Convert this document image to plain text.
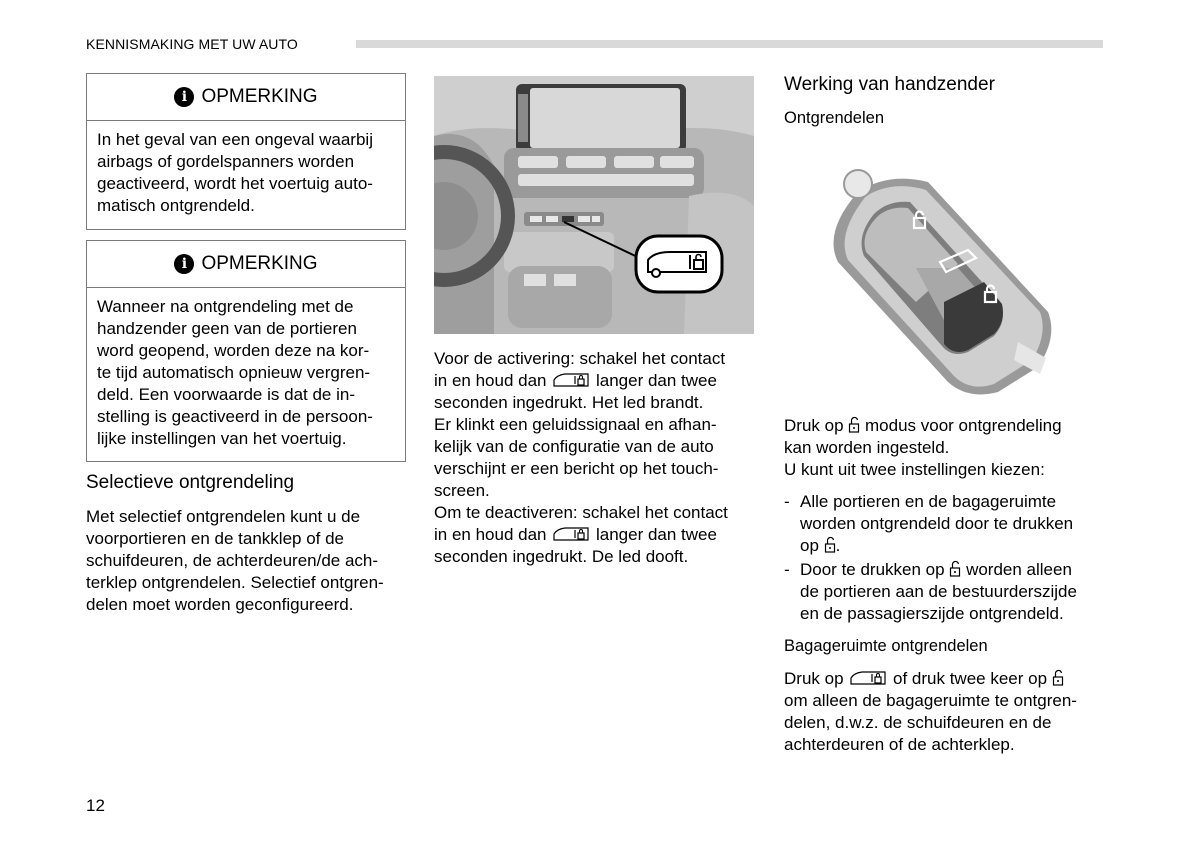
KENNISMAKING MET UW AUTO
i OPMERKING
In het geval van een ongeval waarbij
airbags of gordelspanners worden
geactiveerd, wordt het voertuig auto-
matisch ontgrendeld.
i OPMERKING
Wanneer na ontgrendeling met de
handzender geen van de portieren
word geopend, worden deze na kor-
te tijd automatisch opnieuw vergren-
deld. Een voorwaarde is dat de in-
stelling is geactiveerd in de persoon-
lijke instellingen van het voertuig.
Selectieve ontgrendeling

Met selectief ontgrendelen kunt u de

voorportieren en de tankklep of de

schuifdeuren, de achterdeuren/de ach-

terklep ontgrendelen. Selectief ontgren-

delen moet worden geconfigureerd.

Voor de activering: schakel het contact

in en houd dan	langer dan twee

seconden ingedrukt. Het led brandt.

Er klinkt een geluidssignaal en afhan-

kelijk van de configuratie van de auto

verschijnt er een bericht op het touch-

screen.

Om te deactiveren: schakel het contact

in en houd dan	langer dan twee

seconden ingedrukt. De led dooft.

Werking van handzender
Ontgrendelen

Druk op modus voor ontgrendeling

kan worden ingesteld.

U kunt uit twee instellingen kiezen:

- Alle portieren en de bagageruimte
worden ontgrendeld door te drukken
op .
- Door te drukken op worden alleen
de portieren aan de bestuurderszijde
en de passagierszijde ontgrendeld.
Bagageruimte ontgrendelen

Druk op	of druk twee keer op

om alleen de bagageruimte te ontgren-

delen, d.w.z. de schuifdeuren en de

achterdeuren of de achterklep.

12
